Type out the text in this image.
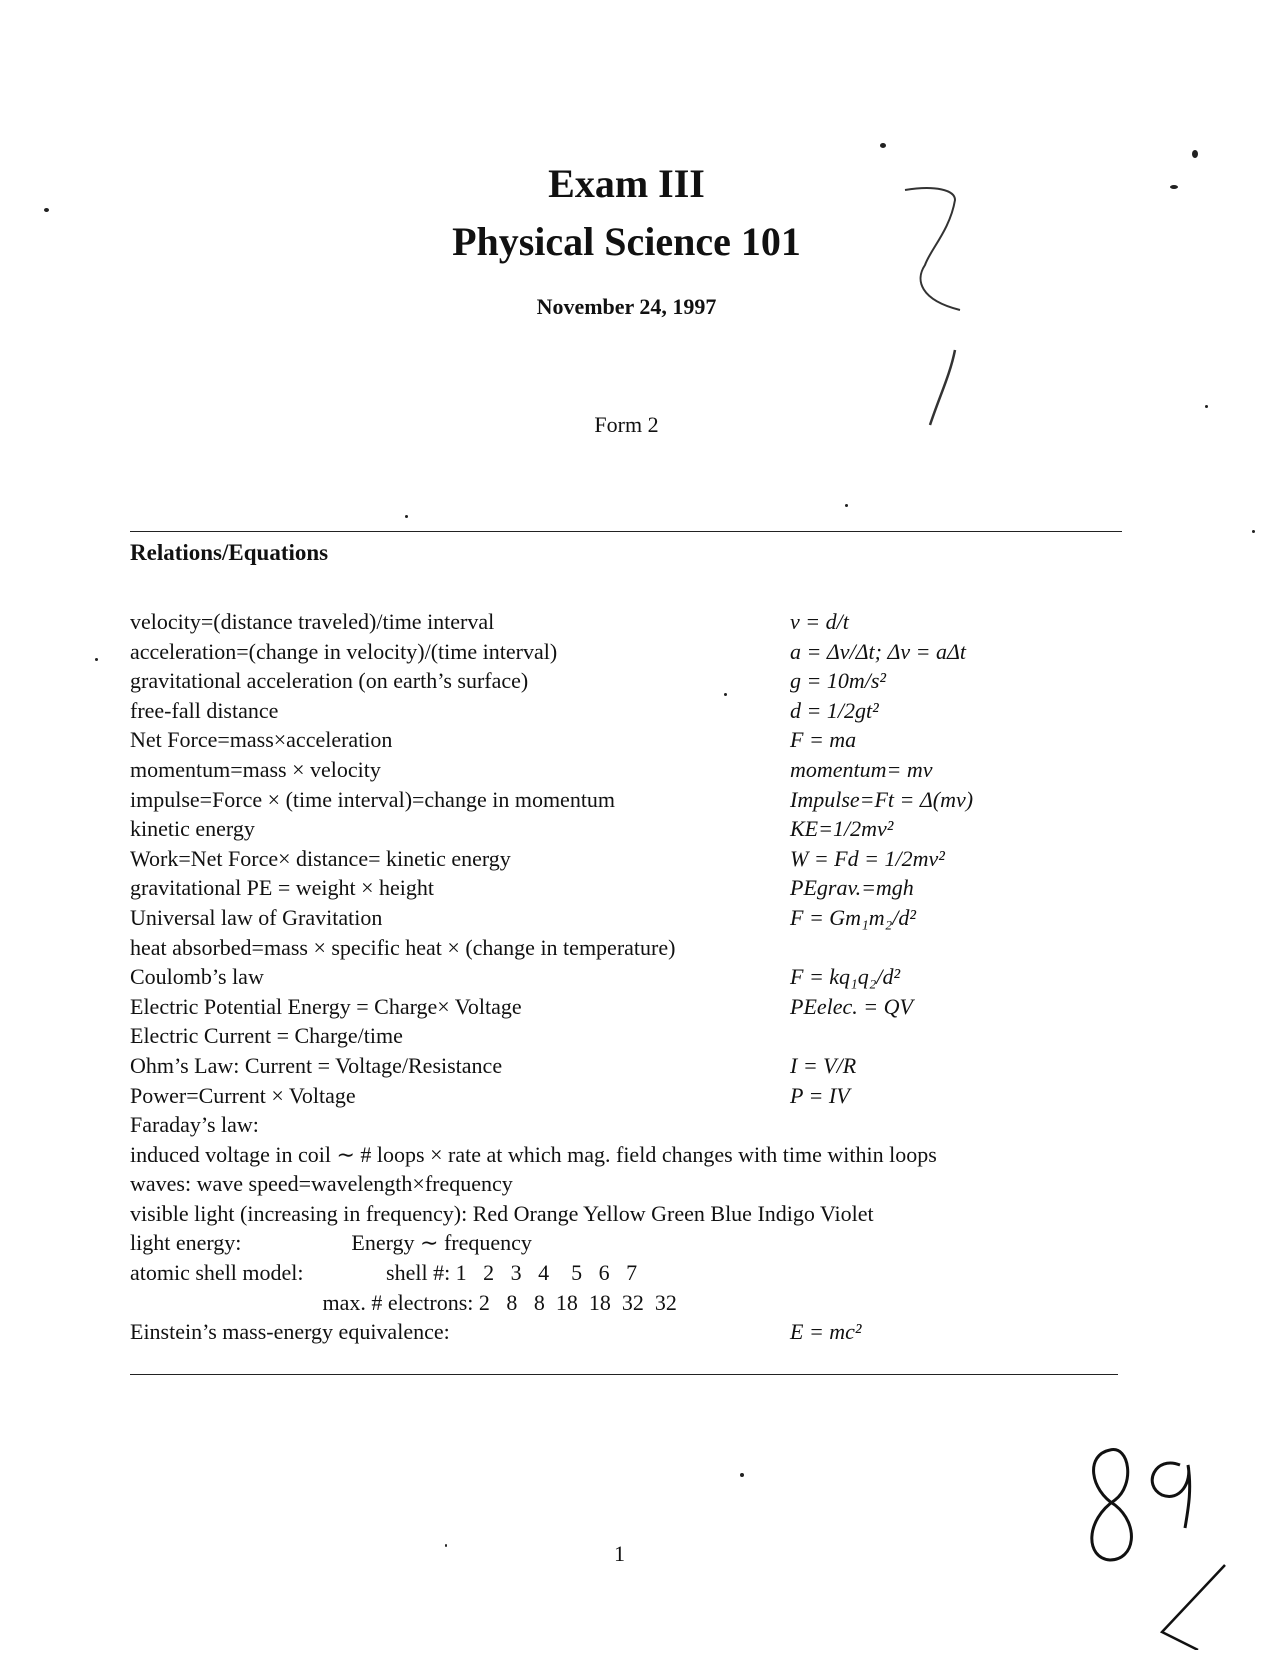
Exam III
Physical Science 101
November 24, 1997
Form 2
Relations/Equations
velocity=(distance traveled)/time interval	v = d/t
acceleration=(change in velocity)/(time interval)	a = Δv/Δt; Δv = aΔt
gravitational acceleration (on earth’s surface)	g = 10m/s²
free-fall distance	d = 1/2gt²
Net Force=mass×acceleration	F = ma
momentum=mass × velocity	momentum= mv
impulse=Force × (time interval)=change in momentum	Impulse=Ft = Δ(mv)
kinetic energy	KE=1/2mv²
Work=Net Force× distance= kinetic energy	W = Fd = 1/2mv²
gravitational PE = weight × height	PEgrav.=mgh
Universal law of Gravitation	F = Gm₁m₂/d²
heat absorbed=mass × specific heat × (change in temperature)
Coulomb’s law	F = kq₁q₂/d²
Electric Potential Energy = Charge× Voltage	PEelec. = QV
Electric Current = Charge/time
Ohm’s Law: Current = Voltage/Resistance	I = V/R
Power=Current × Voltage	P = IV
Faraday’s law:
induced voltage in coil ∼ # loops × rate at which mag. field changes with time within loops
waves: wave speed=wavelength×frequency
visible light (increasing in frequency): Red Orange Yellow Green Blue Indigo Violet
light energy:                    Energy ∼ frequency
atomic shell model:               shell #: 1   2   3   4    5   6   7
max. # electrons: 2   8   8  18  18  32  32
Einstein’s mass-energy equivalence:	E = mc²
1
